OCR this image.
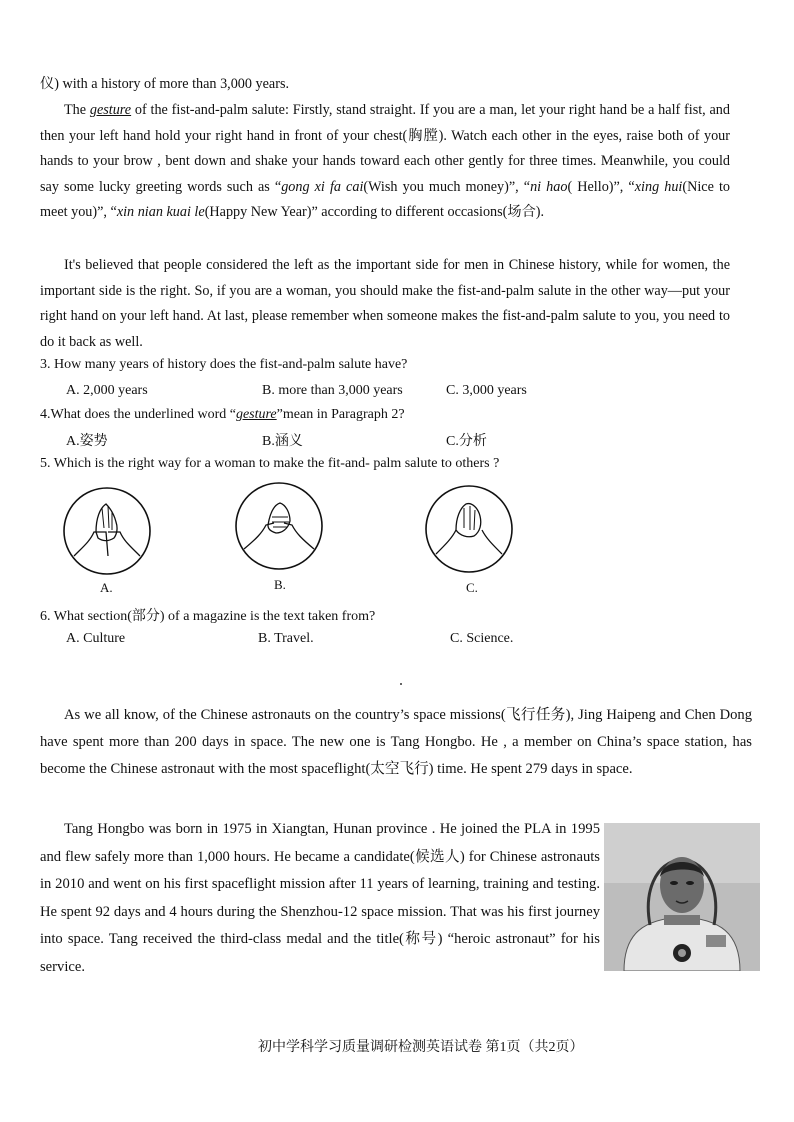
仪) with a history of more than 3,000 years.

The gesture of the fist-and-palm salute: Firstly, stand straight. If you are a man, let your right hand be a half fist, and then your left hand hold your right hand in front of your chest(胸膛). Watch each other in the eyes, raise both of your hands to your brow , bent down and shake your hands toward each other gently for three times. Meanwhile, you could say some lucky greeting words such as “gong xi fa cai(Wish you much money)”, “ni hao( Hello)”, “xing hui(Nice to meet you)”, “xin nian kuai le(Happy New Year)” according to different occasions(场合).

It's believed that people considered the left as the important side for men in Chinese history, while for women, the important side is the right. So, if you are a woman, you should make the fist-and-palm salute in the other way—put your right hand on your left hand. At last, please remember when someone makes the fist-and-palm salute to you, you need to do it back as well.

3. How many years of history does the fist-and-palm salute have?

A. 2,000 years	B. more than 3,000 years	C. 3,000 years

4.What does the underlined word “gesture”mean in Paragraph 2?

A.姿势	B.涵义	C.分析

5. Which is the right way for a woman to make the fit-and- palm salute to others ?

A.	B.	C.

6. What section(部分) of a magazine is the text taken from?

A. Culture	B. Travel.	C. Science.

As we all know, of the Chinese astronauts on the country’s space missions(飞行任务), Jing Haipeng and Chen Dong have spent more than 200 days in space. The new one is Tang Hongbo. He , a member on China’s space station, has become the Chinese astronaut with the most spaceflight(太空飞行) time. He spent 279 days in space.

Tang Hongbo was born in 1975 in Xiangtan, Hunan province . He joined the PLA in 1995 and flew safely more than 1,000 hours. He became a candidate(候选人) for Chinese astronauts in 2010 and went on his first spaceflight mission after 11 years of learning, training and testing. He spent 92 days and 4 hours during the Shenzhou-12 space mission. That was his first journey into space. Tang received the third-class medal and the title(称号) “heroic astronaut” for his service.

初中学科学习质量调研检测英语试卷 第1页（共2页）
